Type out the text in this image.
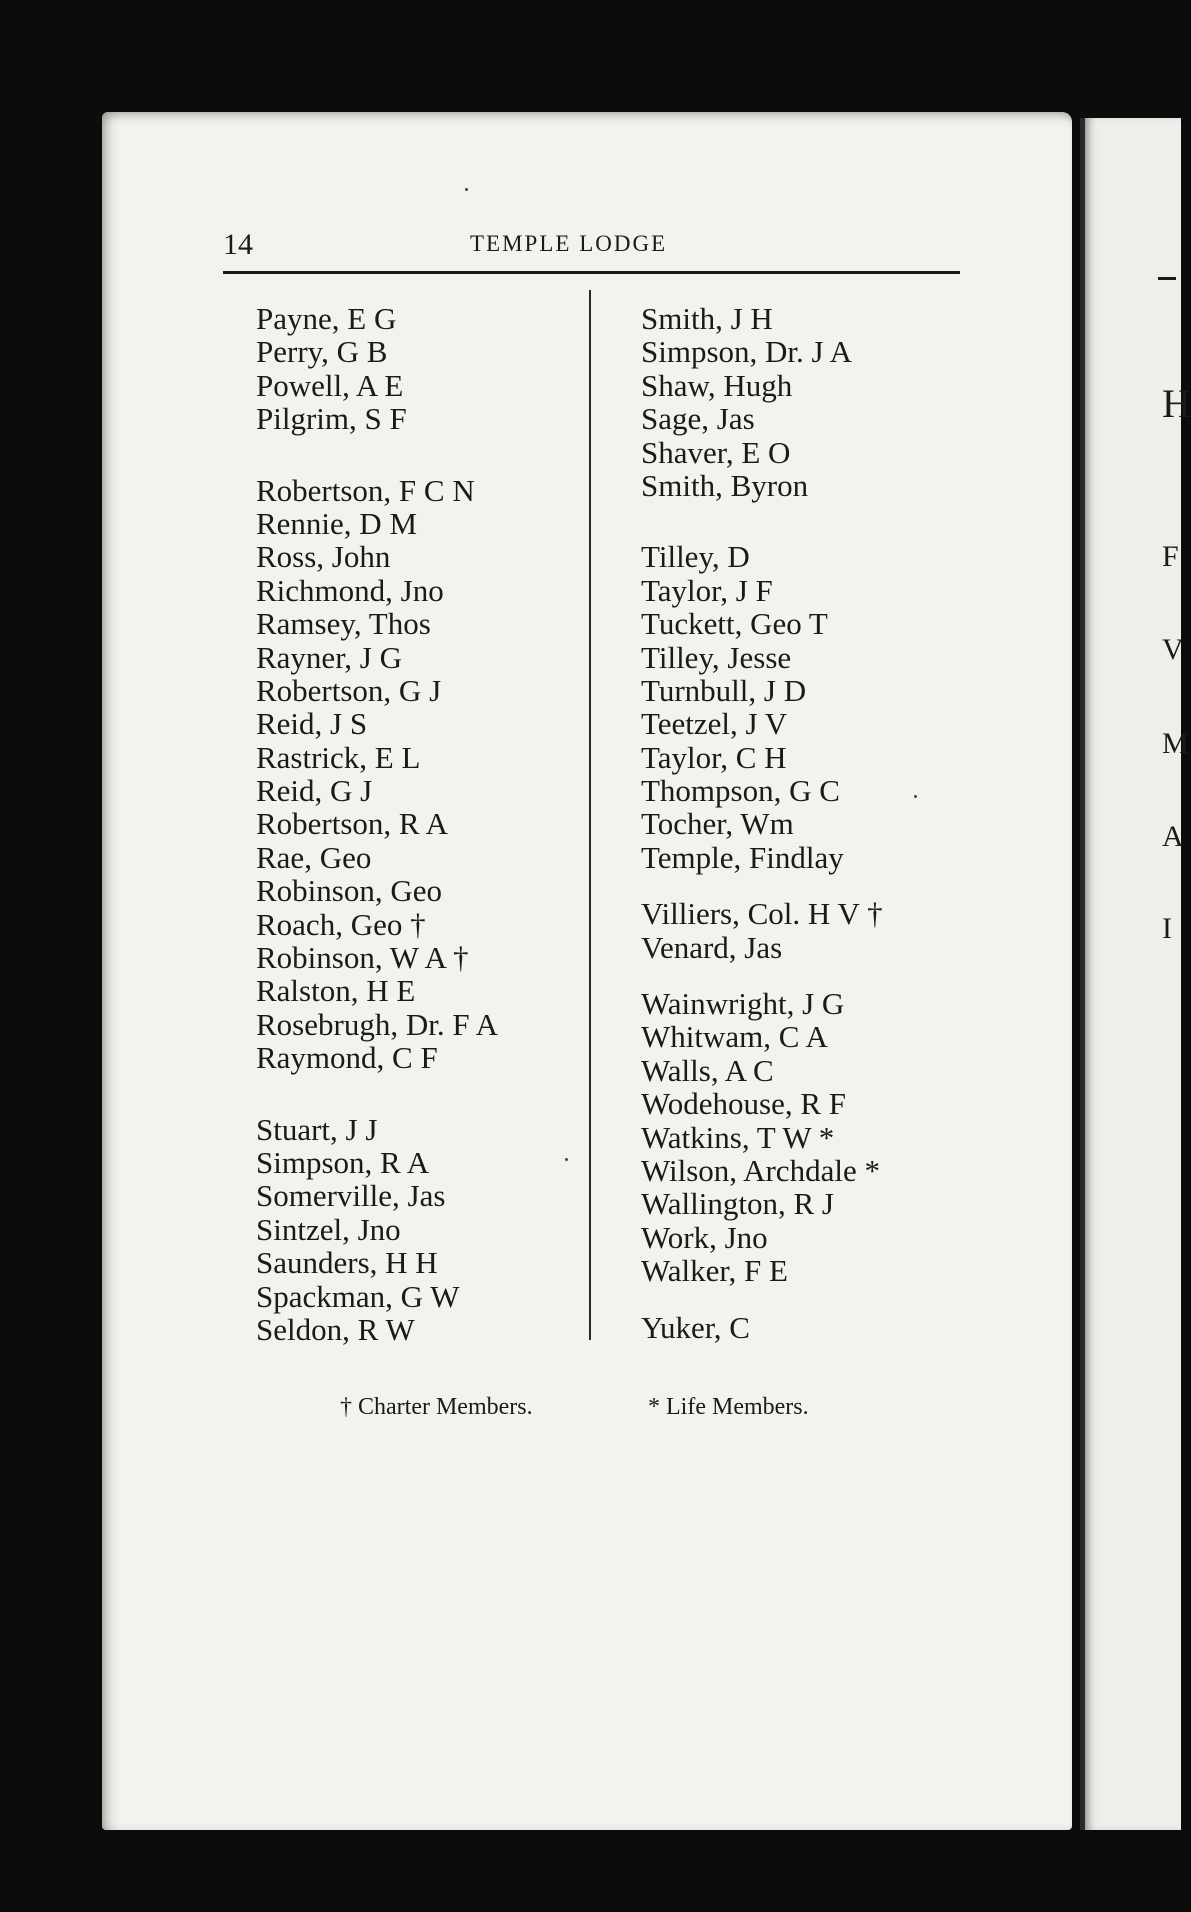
H
F
V
M
A
I
14	TEMPLE LODGE
Payne, E G
Perry, G B
Powell, A E
Pilgrim, S F
Robertson, F C N
Rennie, D M
Ross, John
Richmond, Jno
Ramsey, Thos
Rayner, J G
Robertson, G J
Reid, J S
Rastrick, E L
Reid, G J
Robertson, R A
Rae, Geo
Robinson, Geo
Roach, Geo †
Robinson, W A †
Ralston, H E
Rosebrugh, Dr. F A
Raymond, C F
Stuart, J J
Simpson, R A
Somerville, Jas
Sintzel, Jno
Saunders, H H
Spackman, G W
Seldon, R W
Smith, J H
Simpson, Dr. J A
Shaw, Hugh
Sage, Jas
Shaver, E O
Smith, Byron
Tilley, D
Taylor, J F
Tuckett, Geo T
Tilley, Jesse
Turnbull, J D
Teetzel, J V
Taylor, C H
Thompson, G C
Tocher, Wm
Temple, Findlay
Villiers, Col. H V †
Venard, Jas
Wainwright, J G
Whitwam, C A
Walls, A C
Wodehouse, R F
Watkins, T W *
Wilson, Archdale *
Wallington, R J
Work, Jno
Walker, F E
Yuker, C
† Charter Members.	* Life Members.
